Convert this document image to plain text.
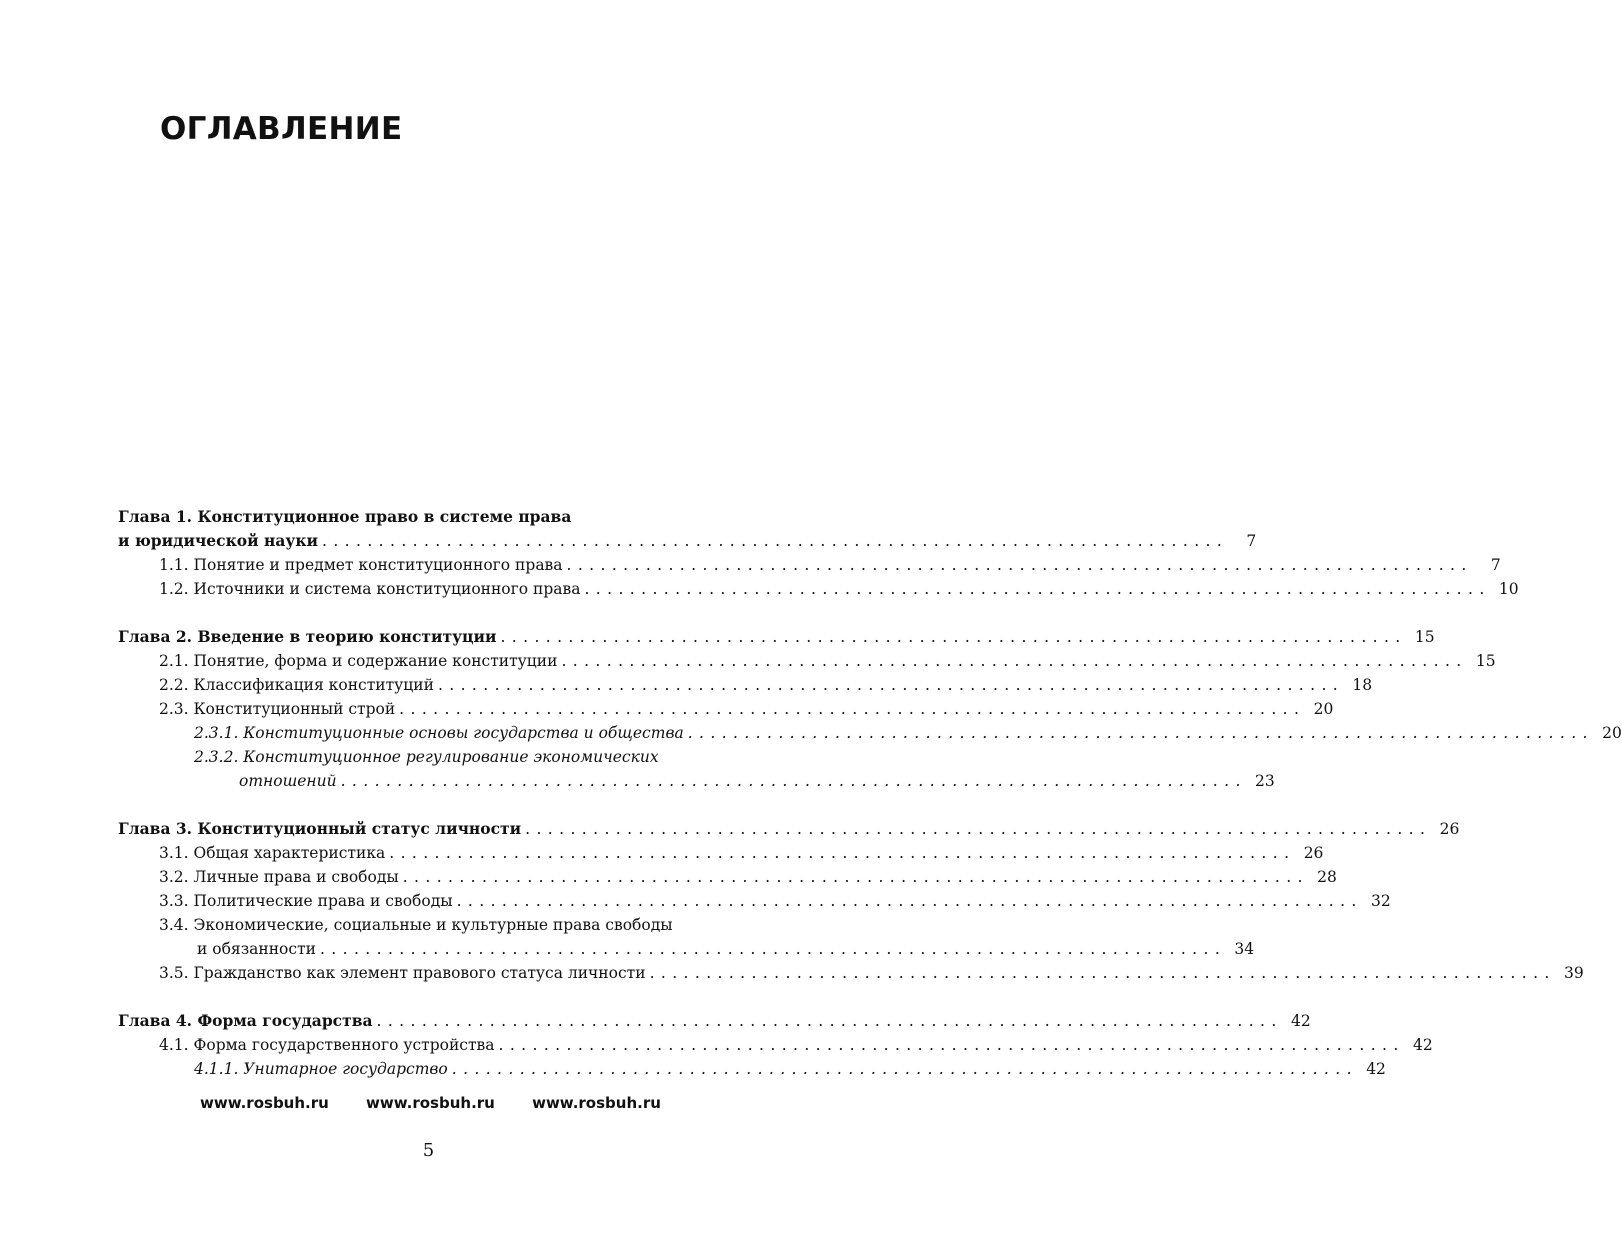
ОГЛАВЛЕНИЕ
Глава 1. Конституционное право в системе права
и юридической науки ................................................................................	7
1.1. Понятие и предмет конституционного права ................................................................................	7
1.2. Источники и система конституционного права ................................................................................ 10
Глава 2. Введение в теорию конституции ................................................................................ 15
2.1. Понятие, форма и содержание конституции ................................................................................ 15
2.2. Классификация конституций ................................................................................ 18
2.3. Конституционный строй ................................................................................ 20
2.3.1. Конституционные основы государства и общества ................................................................................ 20
2.3.2. Конституционное регулирование экономических
отношений ................................................................................ 23
Глава 3. Конституционный статус личности ................................................................................ 26
3.1. Общая характеристика ................................................................................ 26
3.2. Личные права и свободы ................................................................................ 28
3.3. Политические права и свободы ................................................................................ 32
3.4. Экономические, социальные и культурные права свободы
и обязанности ................................................................................ 34
3.5. Гражданство как элемент правового статуса личности ................................................................................ 39
Глава 4. Форма государства ................................................................................ 42
4.1. Форма государственного устройства ................................................................................ 42
4.1.1. Унитарное государство ................................................................................ 42
www.rosbuh.ru www.rosbuh.ru www.rosbuh.ru
5
